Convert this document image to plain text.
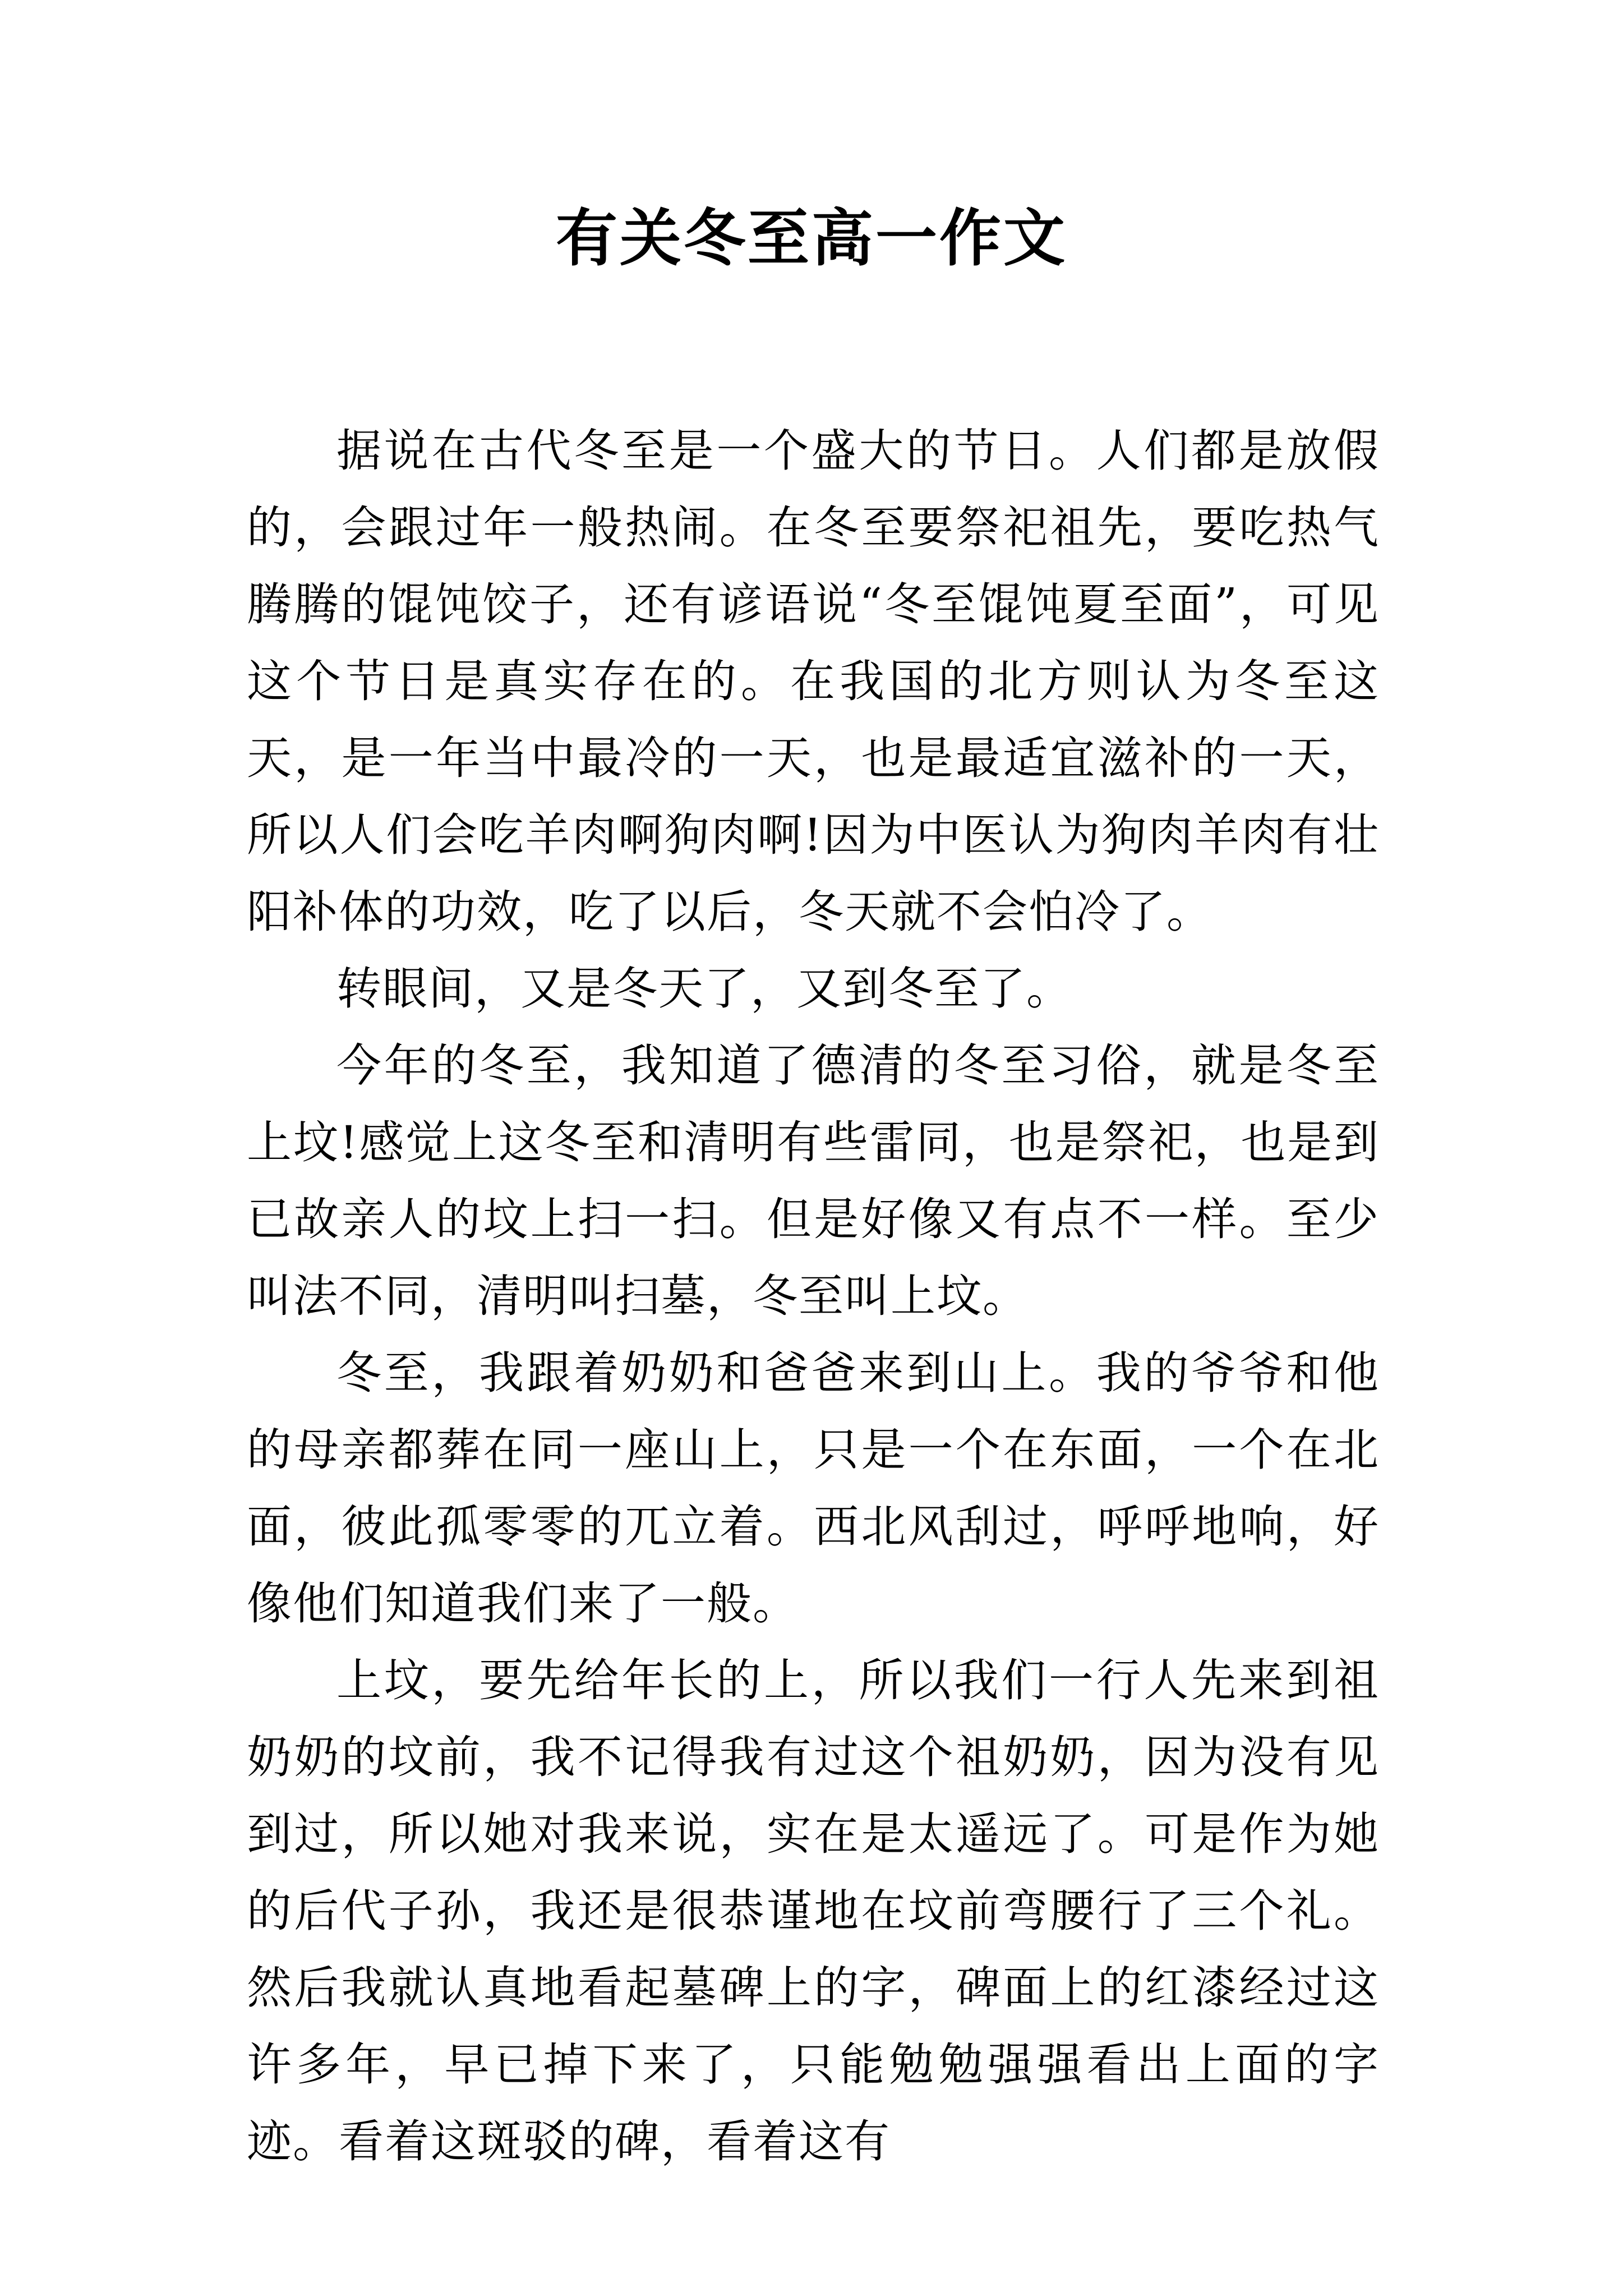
有关冬至高一作文

据说在古代冬至是一个盛大的节日。人们都是放假的，会跟过年一般热闹。在冬至要祭祀祖先，要吃热气腾腾的馄饨饺子，还有谚语说“冬至馄饨夏至面”，可见这个节日是真实存在的。在我国的北方则认为冬至这天，是一年当中最冷的一天，也是最适宜滋补的一天，所以人们会吃羊肉啊狗肉啊!因为中医认为狗肉羊肉有壮阳补体的功效，吃了以后，冬天就不会怕冷了。

转眼间，又是冬天了，又到冬至了。

今年的冬至，我知道了德清的冬至习俗，就是冬至上坟!感觉上这冬至和清明有些雷同，也是祭祀，也是到已故亲人的坟上扫一扫。但是好像又有点不一样。至少叫法不同，清明叫扫墓，冬至叫上坟。

冬至，我跟着奶奶和爸爸来到山上。我的爷爷和他的母亲都葬在同一座山上，只是一个在东面，一个在北面，彼此孤零零的兀立着。西北风刮过，呼呼地响，好像他们知道我们来了一般。

上坟，要先给年长的上，所以我们一行人先来到祖奶奶的坟前，我不记得我有过这个祖奶奶，因为没有见到过，所以她对我来说，实在是太遥远了。可是作为她的后代子孙，我还是很恭谨地在坟前弯腰行了三个礼。然后我就认真地看起墓碑上的字，碑面上的红漆经过这许多年，早已掉下来了，只能勉勉强强看出上面的字迹。看着这斑驳的碑，看着这有
